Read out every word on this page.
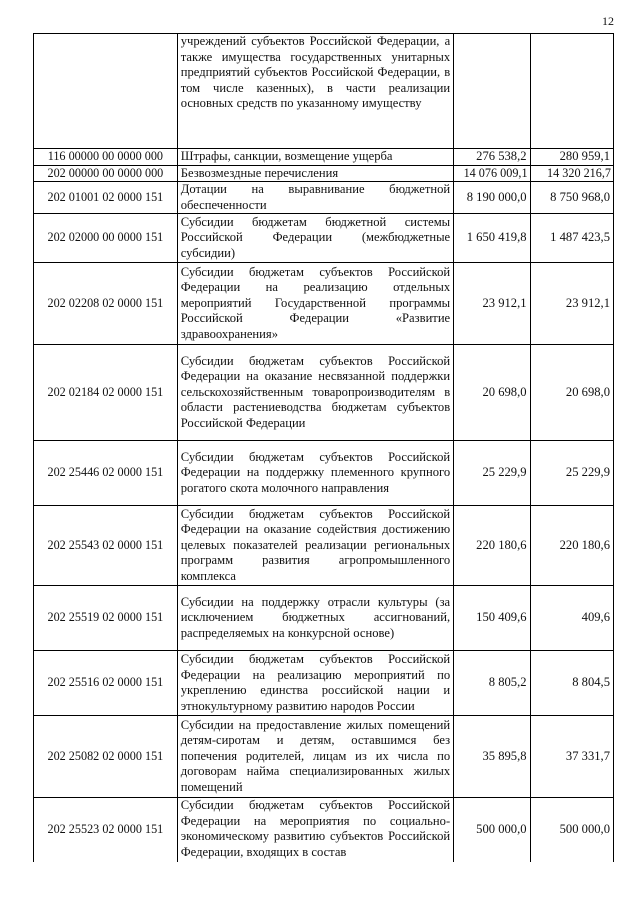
12
	учреждений субъектов Российской Федерации, а также имущества государственных унитарных предприятий субъектов Российской Федерации, в том числе казенных), в части реализации основных средств по указанному имуществу		
116 00000 00 0000 000	Штрафы, санкции, возмещение ущерба	276 538,2	280 959,1
202 00000 00 0000 000	Безвозмездные перечисления	14 076 009,1	14 320 216,7
202 01001 02 0000 151	Дотации на выравнивание бюджетной обеспеченности	8 190 000,0	8 750 968,0
202 02000 00 0000 151	Субсидии бюджетам бюджетной системы Российской Федерации (межбюджетные субсидии)	1 650 419,8	1 487 423,5
202 02208 02 0000 151	Субсидии бюджетам субъектов Российской Федерации на реализацию отдельных мероприятий Государственной программы Российской Федерации «Развитие здравоохранения»	23 912,1	23 912,1
202 02184 02 0000 151	Субсидии бюджетам субъектов Российской Федерации на оказание несвязанной поддержки сельскохозяйственным товаропроизводителям в области растениеводства бюджетам субъектов Российской Федерации	20 698,0	20 698,0
202 25446 02 0000 151	Субсидии бюджетам субъектов Российской Федерации на поддержку племенного крупного рогатого скота молочного направления	25 229,9	25 229,9
202 25543 02 0000 151	Субсидии бюджетам субъектов Российской Федерации на оказание содействия достижению целевых показателей реализации региональных программ развития агропромышленного комплекса	220 180,6	220 180,6
202 25519 02 0000 151	Субсидии на поддержку отрасли культуры (за исключением бюджетных ассигнований, распределяемых на конкурсной основе)	150 409,6	409,6
202 25516 02 0000 151	Субсидии бюджетам субъектов Российской Федерации на реализацию мероприятий по укреплению единства российской нации и этнокультурному развитию народов России	8 805,2	8 804,5
202 25082 02 0000 151	Субсидии на предоставление жилых помещений детям-сиротам и детям, оставшимся без попечения родителей, лицам из их числа по договорам найма специализированных жилых помещений	35 895,8	37 331,7
202 25523 02 0000 151	Субсидии бюджетам субъектов Российской Федерации на мероприятия по социально-экономическому развитию субъектов Российской Федерации, входящих в состав	500 000,0	500 000,0
